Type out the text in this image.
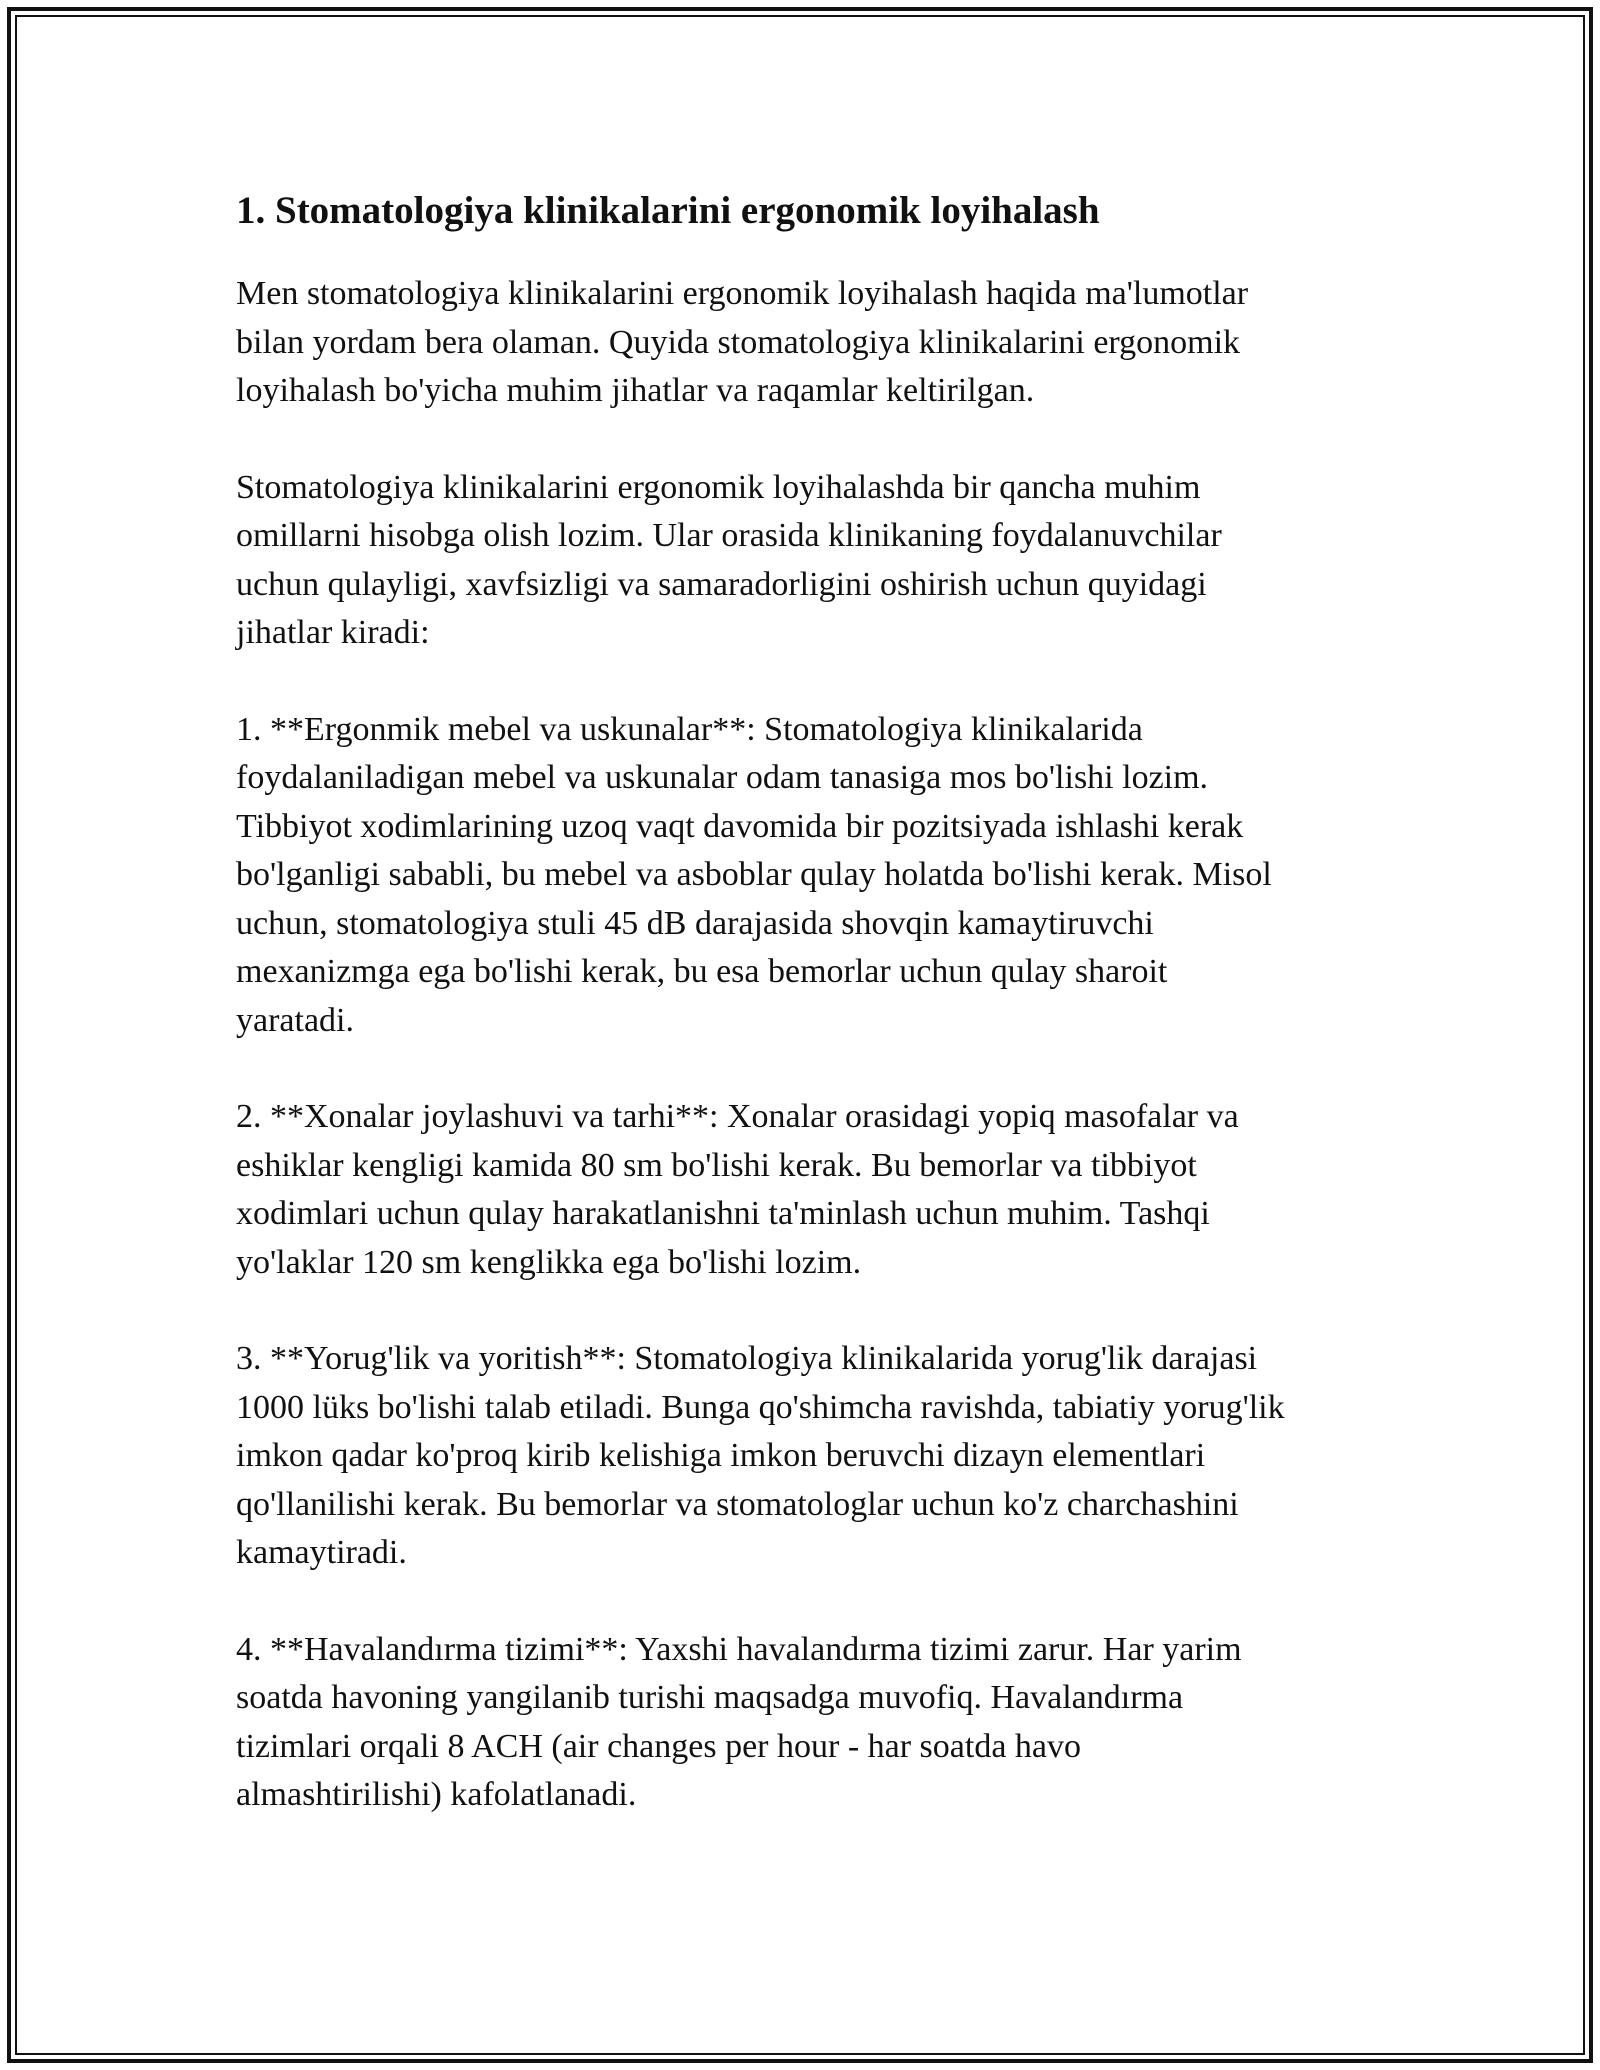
1. Stomatologiya klinikalarini ergonomik loyihalash

Men stomatologiya klinikalarini ergonomik loyihalash haqida ma'lumotlar
bilan yordam bera olaman. Quyida stomatologiya klinikalarini ergonomik
loyihalash bo'yicha muhim jihatlar va raqamlar keltirilgan.

Stomatologiya klinikalarini ergonomik loyihalashda bir qancha muhim
omillarni hisobga olish lozim. Ular orasida klinikaning foydalanuvchilar
uchun qulayligi, xavfsizligi va samaradorligini oshirish uchun quyidagi
jihatlar kiradi:

1. **Ergonmik mebel va uskunalar**: Stomatologiya klinikalarida
foydalaniladigan mebel va uskunalar odam tanasiga mos bo'lishi lozim.
Tibbiyot xodimlarining uzoq vaqt davomida bir pozitsiyada ishlashi kerak
bo'lganligi sababli, bu mebel va asboblar qulay holatda bo'lishi kerak. Misol
uchun, stomatologiya stuli 45 dB darajasida shovqin kamaytiruvchi
mexanizmga ega bo'lishi kerak, bu esa bemorlar uchun qulay sharoit
yaratadi.

2. **Xonalar joylashuvi va tarhi**: Xonalar orasidagi yopiq masofalar va
eshiklar kengligi kamida 80 sm bo'lishi kerak. Bu bemorlar va tibbiyot
xodimlari uchun qulay harakatlanishni ta'minlash uchun muhim. Tashqi
yo'laklar 120 sm kenglikka ega bo'lishi lozim.

3. **Yorug'lik va yoritish**: Stomatologiya klinikalarida yorug'lik darajasi
1000 lüks bo'lishi talab etiladi. Bunga qo'shimcha ravishda, tabiatiy yorug'lik
imkon qadar ko'proq kirib kelishiga imkon beruvchi dizayn elementlari
qo'llanilishi kerak. Bu bemorlar va stomatologlar uchun ko'z charchashini
kamaytiradi.

4. **Havalandırma tizimi**: Yaxshi havalandırma tizimi zarur. Har yarim
soatda havoning yangilanib turishi maqsadga muvofiq. Havalandırma
tizimlari orqali 8 ACH (air changes per hour - har soatda havo
almashtirilishi) kafolatlanadi.
